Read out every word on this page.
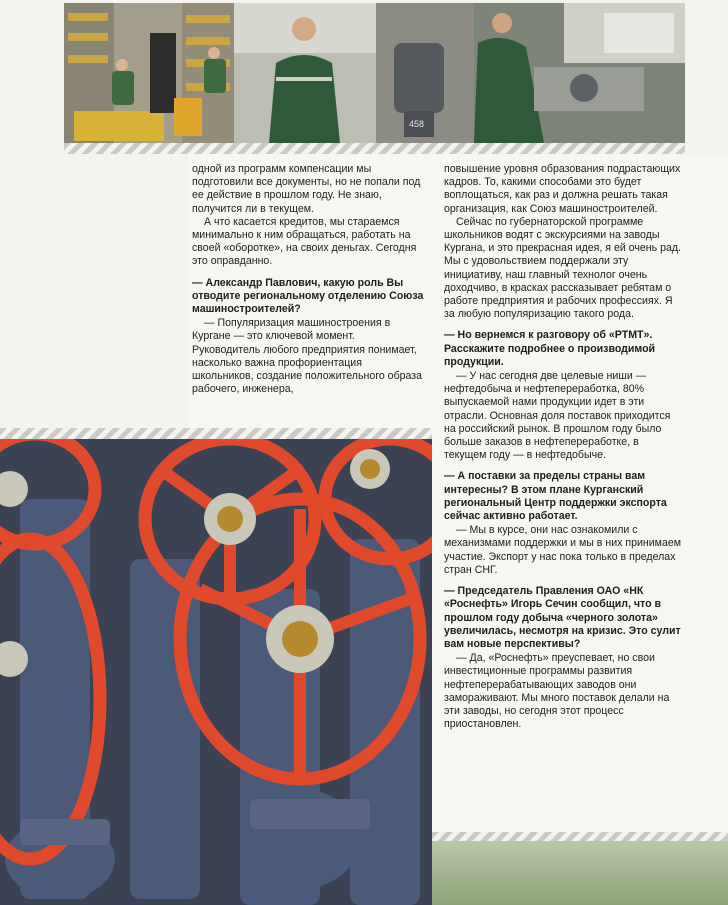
458

одной из программ компенсации мы подготовили все документы, но не попали под ее действие в прошлом году. Не знаю, получится ли в текущем.

А что касается кредитов, мы стараемся минимально к ним обращаться, работать на своей «оборотке», на своих деньгах. Сегодня это оправданно.

— Александр Павлович, какую роль Вы отводите региональному отделению Союза машиностроителей?

— Популяризация машиностроения в Кургане — это ключевой момент. Руководитель любого предприятия понимает, насколько важна профориентация школьников, создание положительного образа рабочего, инженера,

повышение уровня образования подрастающих кадров. То, какими способами это будет воплощаться, как раз и должна решать такая организация, как Союз машиностроителей.

Сейчас по губернаторской программе школьников водят с экскурсиями на заводы Кургана, и это прекрасная идея, я ей очень рад. Мы с удовольствием поддержали эту инициативу, наш главный технолог очень доходчиво, в красках рассказывает ребятам о работе предприятия и рабочих профессиях. Я за любую популяризацию такого рода.

— Но вернемся к разговору об «РТМТ». Расскажите подробнее о производимой продукции.

— У нас сегодня две целевые ниши — нефтедобыча и нефтепереработка, 80% выпускаемой нами продукции идет в эти отрасли. Основная доля поставок приходится на российский рынок. В прошлом году было больше заказов в нефтепереработке, в текущем году — в нефтедобыче.

— А поставки за пределы страны вам интересны? В этом плане Курганский региональный Центр поддержки экспорта сейчас активно работает.

— Мы в курсе, они нас ознакомили с механизмами поддержки и мы в них принимаем участие. Экспорт у нас пока только в пределах стран СНГ.

— Председатель Правления ОАО «НК «Роснефть» Игорь Сечин сообщил, что в прошлом году добыча «черного золота» увеличилась, несмотря на кризис. Это сулит вам новые перспективы?

— Да, «Роснефть» преуспевает, но свои инвестиционные программы развития нефтеперерабатывающих заводов они замораживают. Мы много поставок делали на эти заводы, но сегодня этот процесс приостановлен.
